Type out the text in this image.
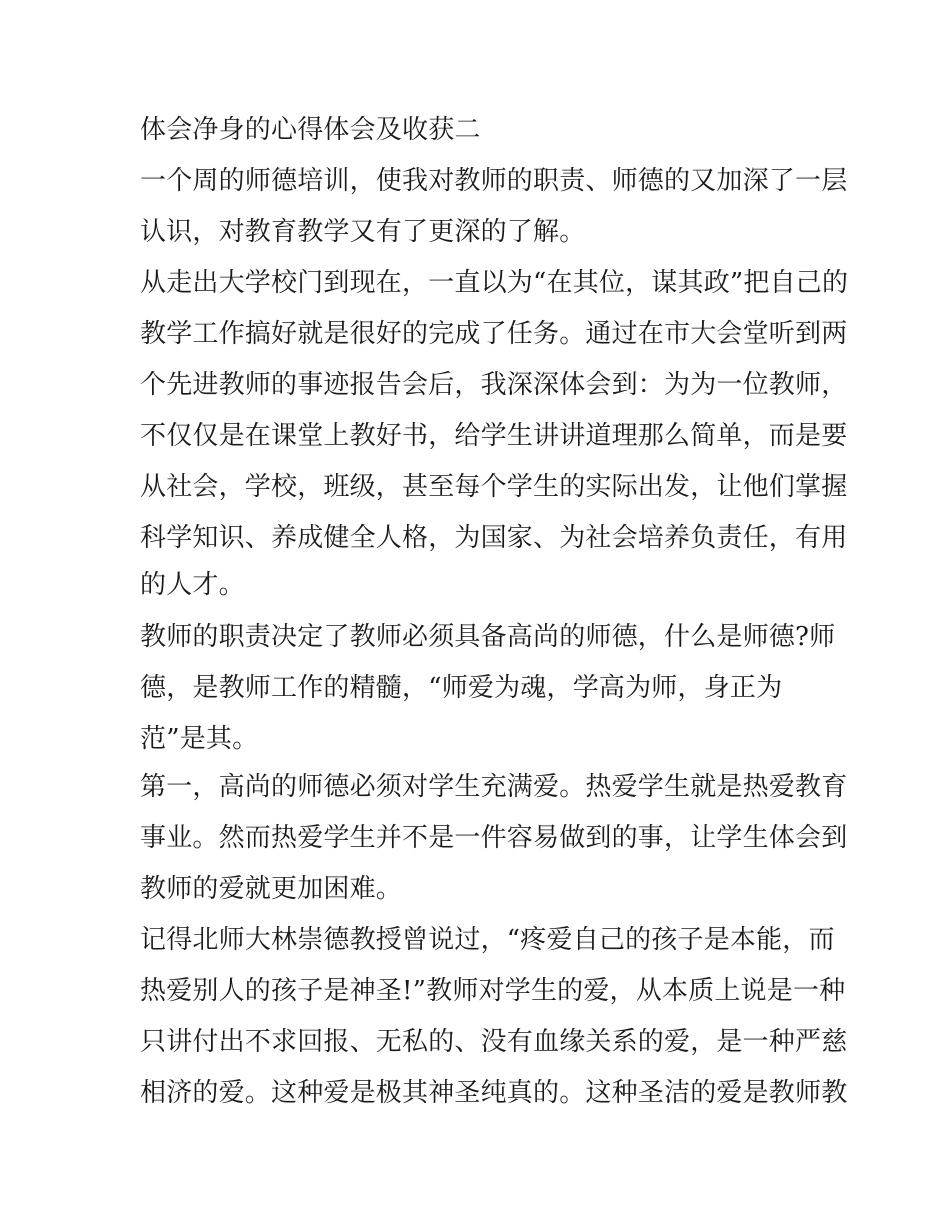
体会净身的心得体会及收获二
一个周的师德培训，使我对教师的职责、师德的又加深了一层
认识，对教育教学又有了更深的了解。
从走出大学校门到现在，一直以为“在其位，谋其政”把自己的
教学工作搞好就是很好的完成了任务。通过在市大会堂听到两
个先进教师的事迹报告会后，我深深体会到：为为一位教师，
不仅仅是在课堂上教好书，给学生讲讲道理那么简单，而是要
从社会，学校，班级，甚至每个学生的实际出发，让他们掌握
科学知识、养成健全人格，为国家、为社会培养负责任，有用
的人才。
教师的职责决定了教师必须具备高尚的师德，什么是师德?师
德，是教师工作的精髓，“师爱为魂，学高为师，身正为
范”是其。
第一，高尚的师德必须对学生充满爱。热爱学生就是热爱教育
事业。然而热爱学生并不是一件容易做到的事，让学生体会到
教师的爱就更加困难。
记得北师大林崇德教授曾说过，“疼爱自己的孩子是本能，而
热爱别人的孩子是神圣!”教师对学生的爱，从本质上说是一种
只讲付出不求回报、无私的、没有血缘关系的爱，是一种严慈
相济的爱。这种爱是极其神圣纯真的。这种圣洁的爱是教师教
